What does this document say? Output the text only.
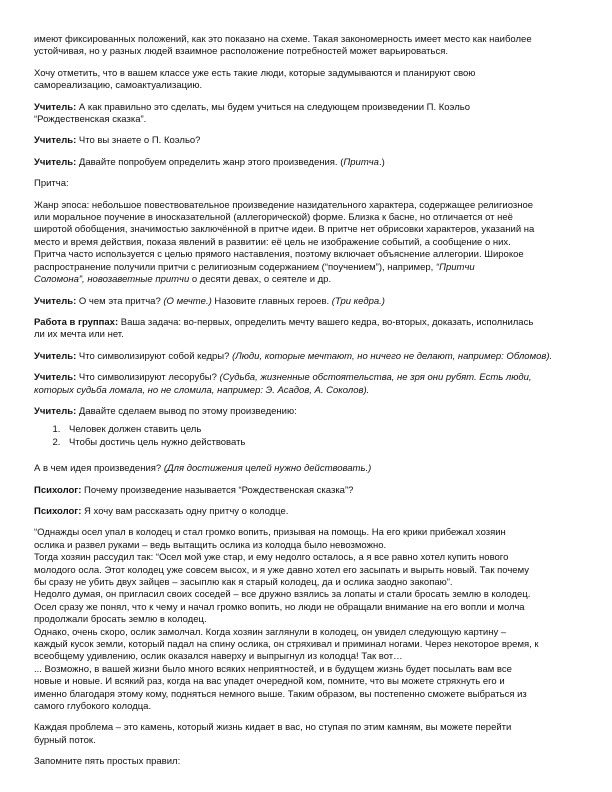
имеют фиксированных положений, как это показано на схеме. Такая закономерность имеет место как наиболее
устойчивая, но у разных людей взаимное расположение потребностей может варьироваться.

Хочу отметить, что в вашем классе уже есть такие люди, которые задумываются и планируют свою
самореализацию, самоактуализацию.

Учитель: А как правильно это сделать, мы будем учиться на следующем произведении П. Коэльо
“Рождественская сказка”.

Учитель: Что вы знаете о П. Коэльо?

Учитель: Давайте попробуем определить жанр этого произведения. (Притча.)

Притча:

Жанр эпоса: небольшое повествовательное произведение назидательного характера, содержащее религиозное
или моральное поучение в иносказательной (аллегорической) форме. Близка к басне, но отличается от неё
широтой обобщения, значимостью заключённой в притче идеи. В притче нет обрисовки характеров, указаний на
место и время действия, показа явлений в развитии: её цель не изображение событий, а сообщение о них.
Притча часто используется с целью прямого наставления, поэтому включает объяснение аллегории. Широкое
распространение получили притчи с религиозным содержанием (“поучением”), например, “Притчи
Соломона”, новозаветные притчи о десяти девах, о сеятеле и др.

Учитель: О чем эта притча? (О мечте.) Назовите главных героев. (Три кедра.)

Работа в группах: Ваша задача: во-первых, определить мечту вашего кедра, во-вторых, доказать, исполнилась
ли их мечта или нет.

Учитель: Что символизируют собой кедры? (Люди, которые мечтают, но ничего не делают, например: Обломов).

Учитель: Что символизируют лесорубы? (Судьба, жизненные обстоятельства, не зря они рубят. Есть люди,
которых судьба ломала, но не сломила, например: Э. Асадов, А. Соколов).

Учитель: Давайте сделаем вывод по этому произведению:

1. Человек должен ставить цель
2. Чтобы достичь цель нужно действовать

А в чем идея произведения? (Для достижения целей нужно действовать.)

Психолог: Почему произведение называется “Рождественская сказка”?

Психолог: Я хочу вам рассказать одну притчу о колодце.

“Однажды осел упал в колодец и стал громко вопить, призывая на помощь. На его крики прибежал хозяин
ослика и развел руками – ведь вытащить ослика из колодца было невозможно.
Тогда хозяин рассудил так: “Осел мой уже стар, и ему недолго осталось, а я все равно хотел купить нового
молодого осла. Этот колодец уже совсем высох, и я уже давно хотел его засыпать и вырыть новый. Так почему
бы сразу не убить двух зайцев – засыплю как я старый колодец, да и ослика заодно закопаю”.
Недолго думая, он пригласил своих соседей – все дружно взялись за лопаты и стали бросать землю в колодец.
Осел сразу же понял, что к чему и начал громко вопить, но люди не обращали внимание на его вопли и молча
продолжали бросать землю в колодец.
Однако, очень скоро, ослик замолчал. Когда хозяин заглянули в колодец, он увидел следующую картину –
каждый кусок земли, который падал на спину ослика, он стряхивал и приминал ногами. Через некоторое время, к
всеобщему удивлению, ослик оказался наверху и выпрыгнул из колодца! Так вот…
... Возможно, в вашей жизни было много всяких неприятностей, и в будущем жизнь будет посылать вам все
новые и новые. И всякий раз, когда на вас упадет очередной ком, помните, что вы можете стряхнуть его и
именно благодаря этому кому, подняться немного выше. Таким образом, вы постепенно сможете выбраться из
самого глубокого колодца.

Каждая проблема – это камень, который жизнь кидает в вас, но ступая по этим камням, вы можете перейти
бурный поток.

Запомните пять простых правил:
